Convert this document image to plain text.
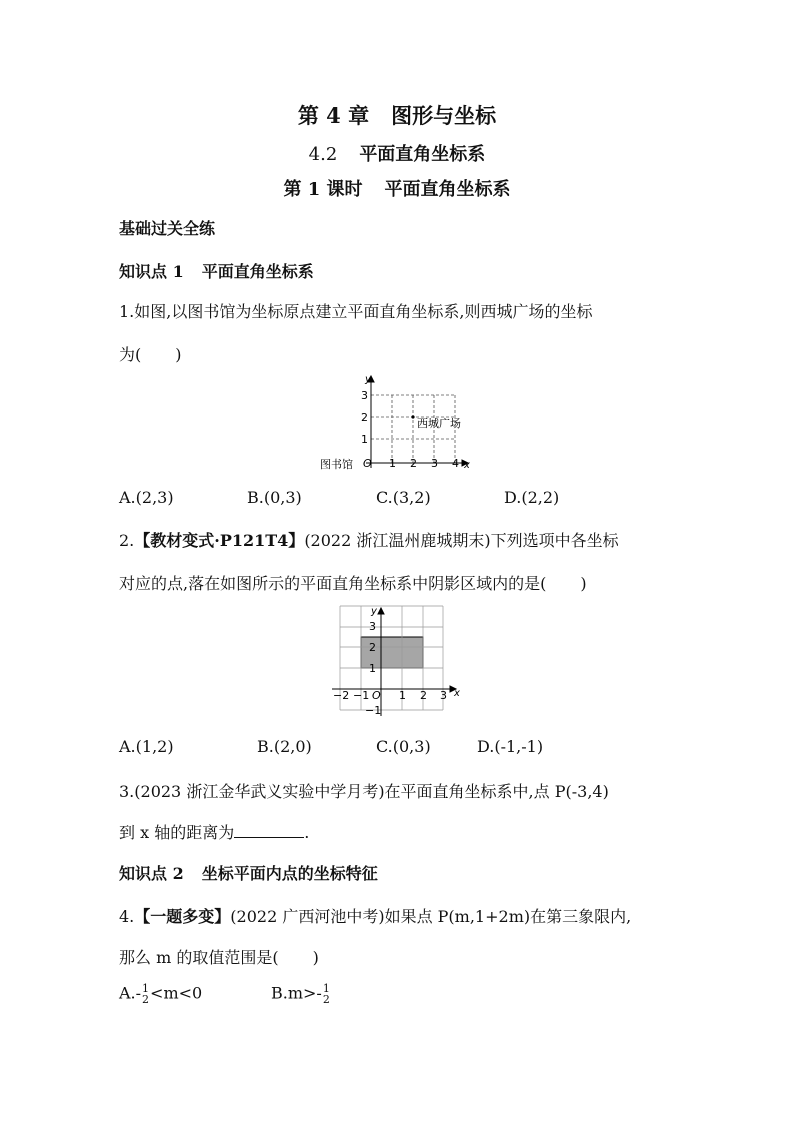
第 4 章 图形与坐标
4.2 平面直角坐标系
第 1 课时 平面直角坐标系
基础过关全练
知识点 1 平面直角坐标系
1.如图,以图书馆为坐标原点建立平面直角坐标系,则西城广场的坐标
为( )
x
y
O
图书馆	1 2 3 4
1
2
3
西城广场
A.(2,3)	B.(0,3)	C.(3,2)	D.(2,2)
2.【教材变式·P121T4】(2022 浙江温州鹿城期末)下列选项中各坐标
对应的点,落在如图所示的平面直角坐标系中阴影区域内的是( )
x
y
3
2
1
−1
−2 −1 O 1 2 3
A.(1,2)	B.(2,0)	C.(0,3)	D.(-1,-1)
3.(2023 浙江金华武义实验中学月考)在平面直角坐标系中,点 P(-3,4)
到 x 轴的距离为	.
知识点 2 坐标平面内点的坐标特征
4.【一题多变】(2022 广西河池中考)如果点 P(m,1+2m)在第三象限内,
那么 m 的取值范围是( )
A.- 1
2 <m<0	B.m>- 1
2
